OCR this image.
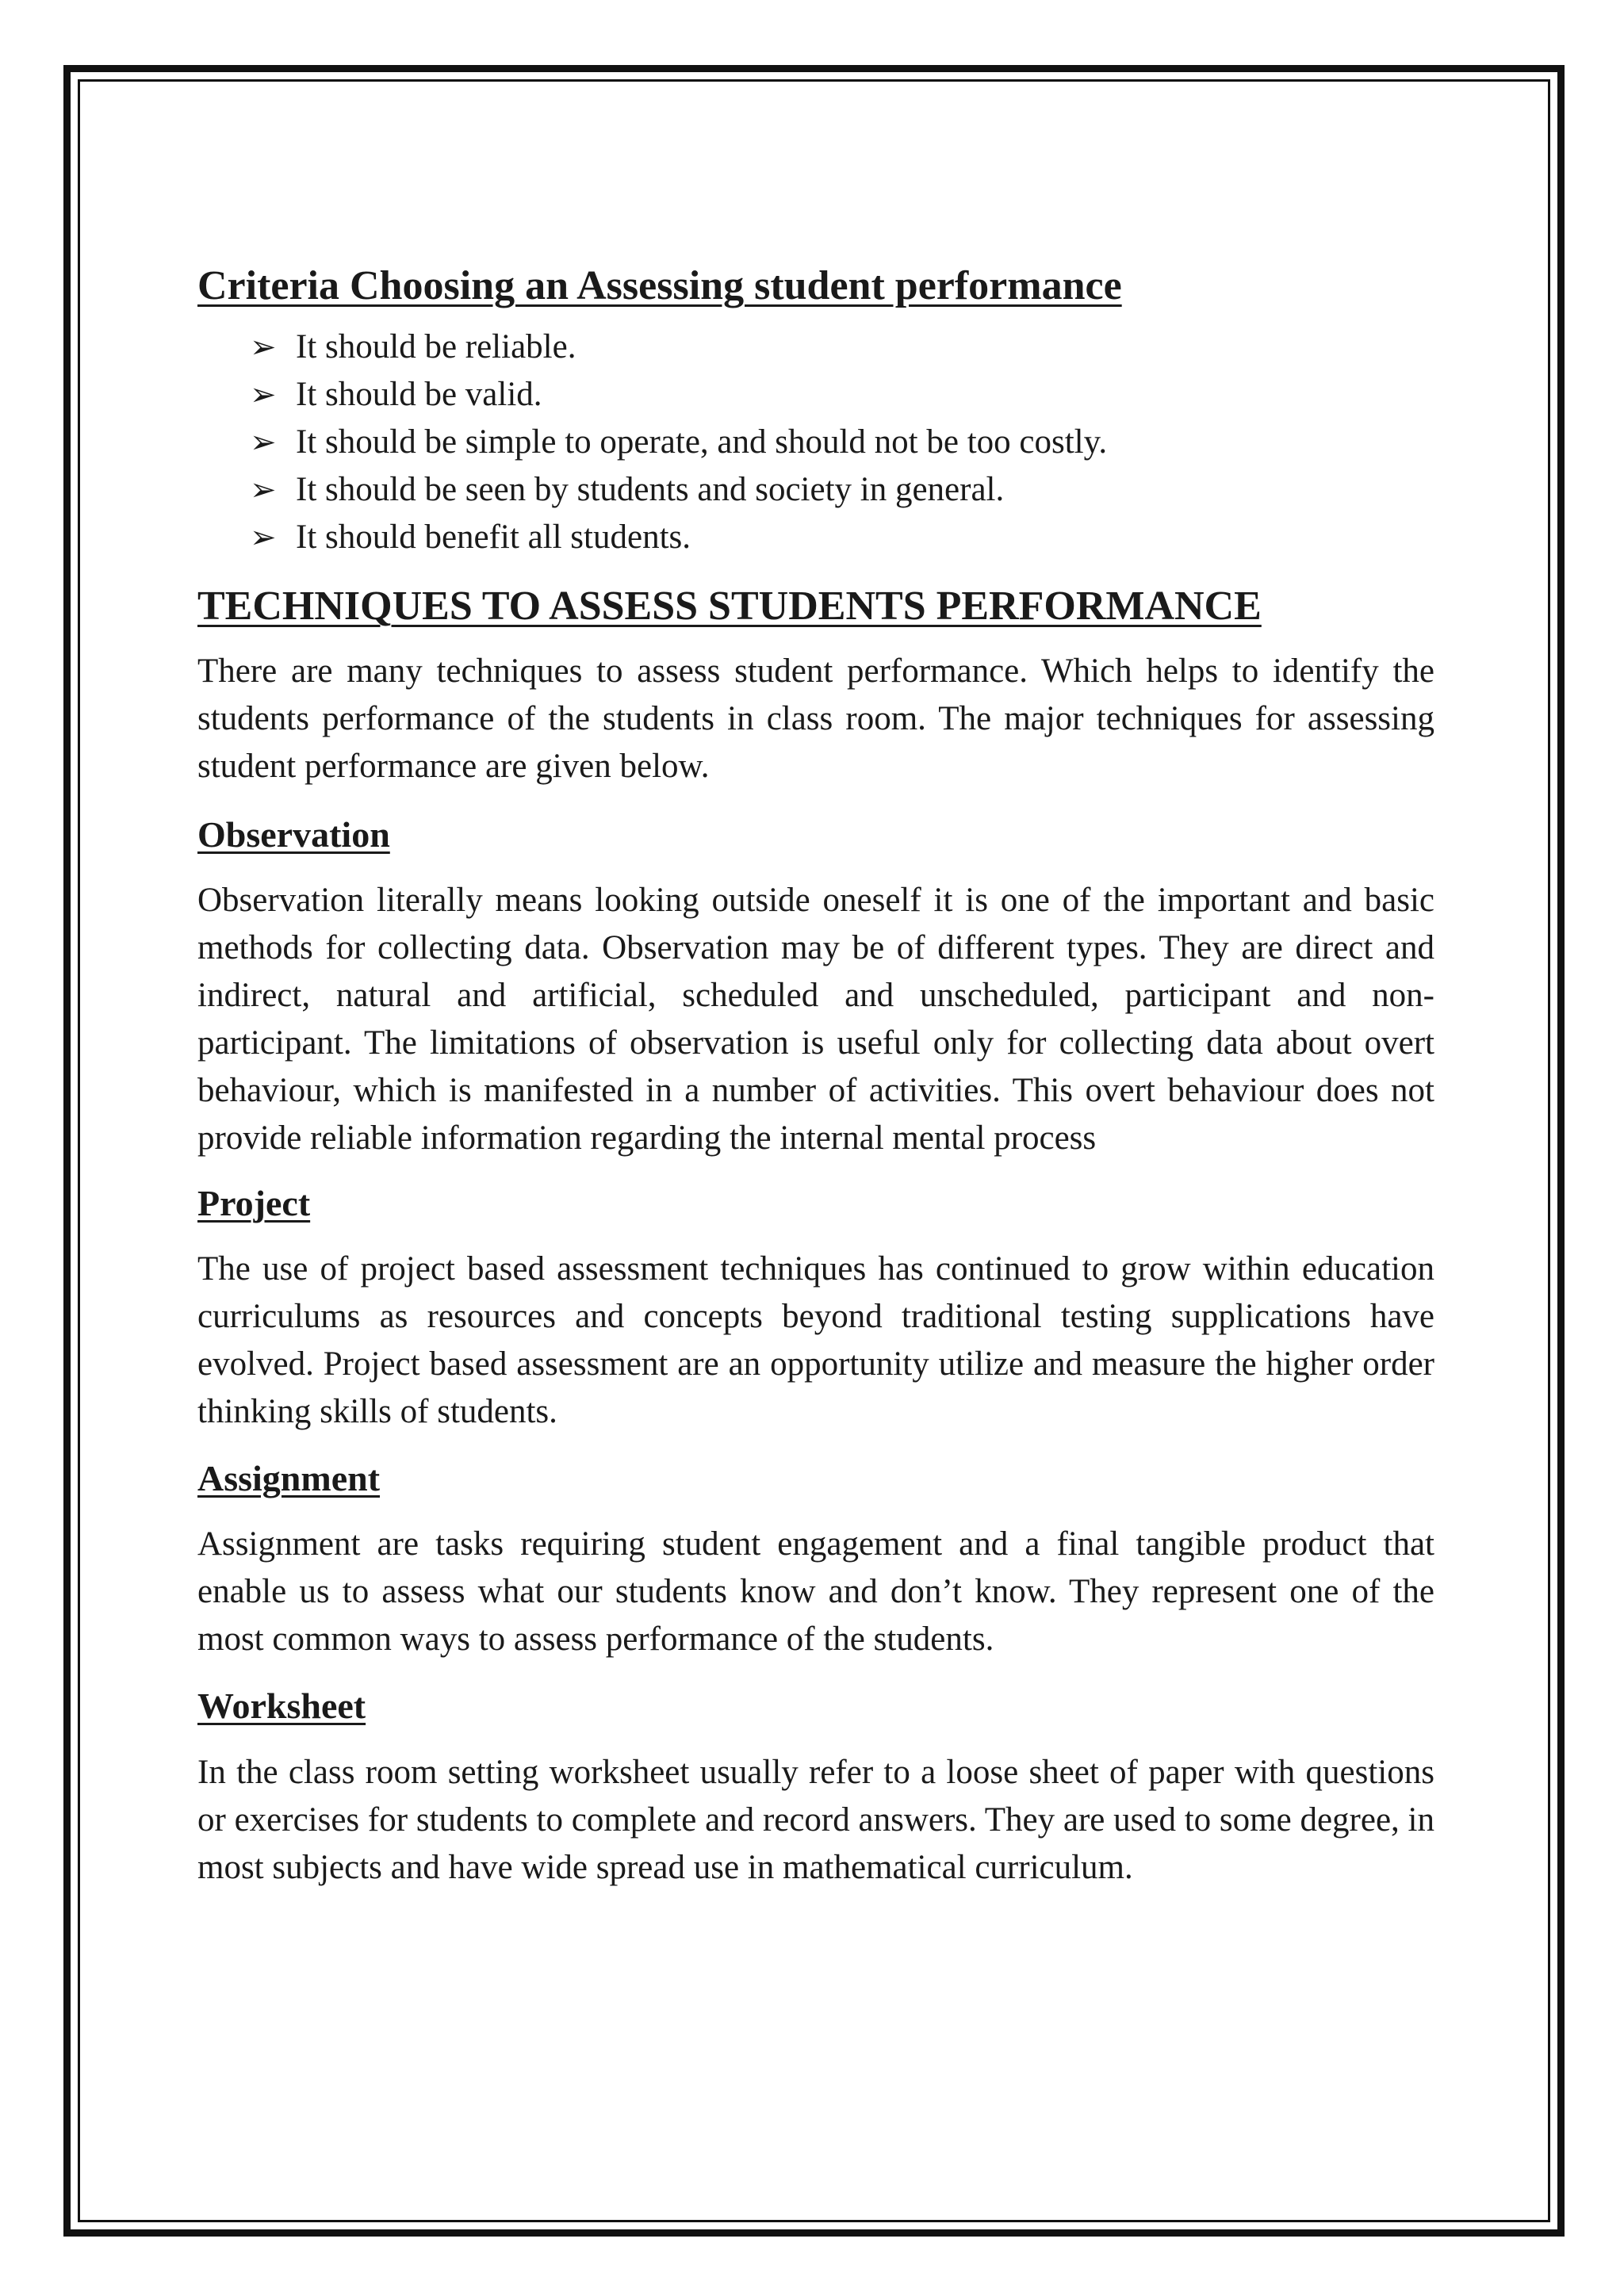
Criteria Choosing an Assessing student performance
➢ It should be reliable.
➢ It should be valid.
➢ It should be simple to operate, and should not be too costly.
➢ It should be seen by students and society in general.
➢ It should benefit all students.
TECHNIQUES TO ASSESS STUDENTS PERFORMANCE

There are many techniques to assess student performance. Which helps to identify the students performance of the students in class room. The major techniques for assessing student performance are given below.

Observation

Observation literally means looking outside oneself it is one of the important and basic methods for collecting data. Observation may be of different types. They are direct and indirect, natural and artificial, scheduled and unscheduled, participant and non- participant. The limitations of observation is useful only for collecting data about overt behaviour, which is manifested in a number of activities. This overt behaviour does not provide reliable information regarding the internal mental process

Project

The use of project based assessment techniques has continued to grow within education curriculums as resources and concepts beyond traditional testing supplications have evolved. Project based assessment are an opportunity utilize and measure the higher order thinking skills of students.

Assignment

Assignment are tasks requiring student engagement and a final tangible product that enable us to assess what our students know and don’t know. They represent one of the most common ways to assess performance of the students.

Worksheet

In the class room setting worksheet usually refer to a loose sheet of paper with questions or exercises for students to complete and record answers. They are used to some degree, in most subjects and have wide spread use in mathematical curriculum.
